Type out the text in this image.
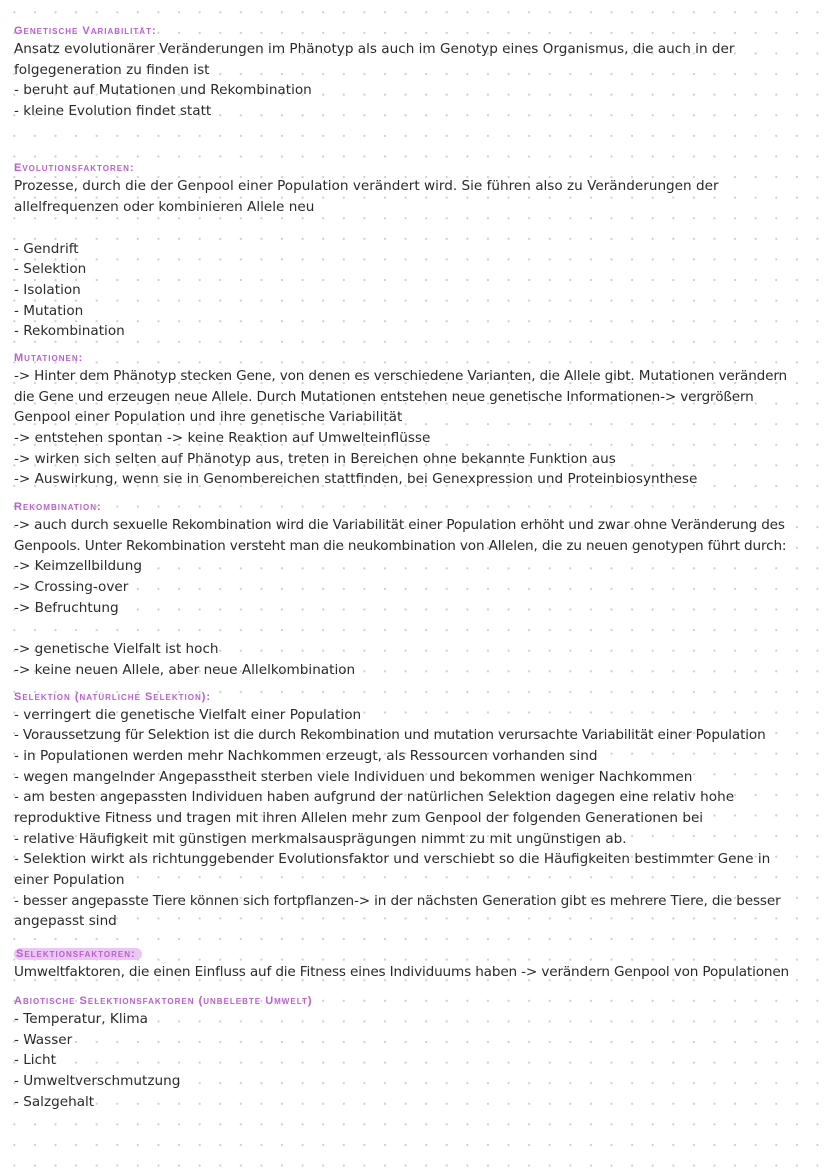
Genetische Variabilität:
Ansatz evolutionärer Veränderungen im Phänotyp als auch im Genotyp eines Organismus, die auch in der
folgegeneration zu finden ist
- beruht auf Mutationen und Rekombination
- kleine Evolution findet statt
Evolutionsfaktoren:
Prozesse, durch die der Genpool einer Population verändert wird. Sie führen also zu Veränderungen der
allelfrequenzen oder kombinieren Allele neu
- Gendrift
- Selektion
- Isolation
- Mutation
- Rekombination
Mutationen:
-> Hinter dem Phänotyp stecken Gene, von denen es verschiedene Varianten, die Allele gibt. Mutationen verändern
die Gene und erzeugen neue Allele. Durch Mutationen entstehen neue genetische Informationen-> vergrößern
Genpool einer Population und ihre genetische Variabilität
-> entstehen spontan -> keine Reaktion auf Umwelteinflüsse
-> wirken sich selten auf Phänotyp aus, treten in Bereichen ohne bekannte Funktion aus
-> Auswirkung, wenn sie in Genombereichen stattfinden, bei Genexpression und Proteinbiosynthese
Rekombination:
-> auch durch sexuelle Rekombination wird die Variabilität einer Population erhöht und zwar ohne Veränderung des
Genpools. Unter Rekombination versteht man die neukombination von Allelen, die zu neuen genotypen führt durch:
-> Keimzellbildung
-> Crossing-over
-> Befruchtung
-> genetische Vielfalt ist hoch
-> keine neuen Allele, aber neue Allelkombination
Selektion (natürliche Selektion):
- verringert die genetische Vielfalt einer Population
- Voraussetzung für Selektion ist die durch Rekombination und mutation verursachte Variabilität einer Population
- in Populationen werden mehr Nachkommen erzeugt, als Ressourcen vorhanden sind
- wegen mangelnder Angepasstheit sterben viele Individuen und bekommen weniger Nachkommen
- am besten angepassten Individuen haben aufgrund der natürlichen Selektion dagegen eine relativ hohe
reproduktive Fitness und tragen mit ihren Allelen mehr zum Genpool der folgenden Generationen bei
- relative Häufigkeit mit günstigen merkmalsausprägungen nimmt zu mit ungünstigen ab.
- Selektion wirkt als richtunggebender Evolutionsfaktor und verschiebt so die Häufigkeiten bestimmter Gene in
einer Population
- besser angepasste Tiere können sich fortpflanzen-> in der nächsten Generation gibt es mehrere Tiere, die besser
angepasst sind
Selektionsfaktoren:
Umweltfaktoren, die einen Einfluss auf die Fitness eines Individuums haben -> verändern Genpool von Populationen
Abiotische Selektionsfaktoren (unbelebte Umwelt)
- Temperatur, Klima
- Wasser
- Licht
- Umweltverschmutzung
- Salzgehalt
